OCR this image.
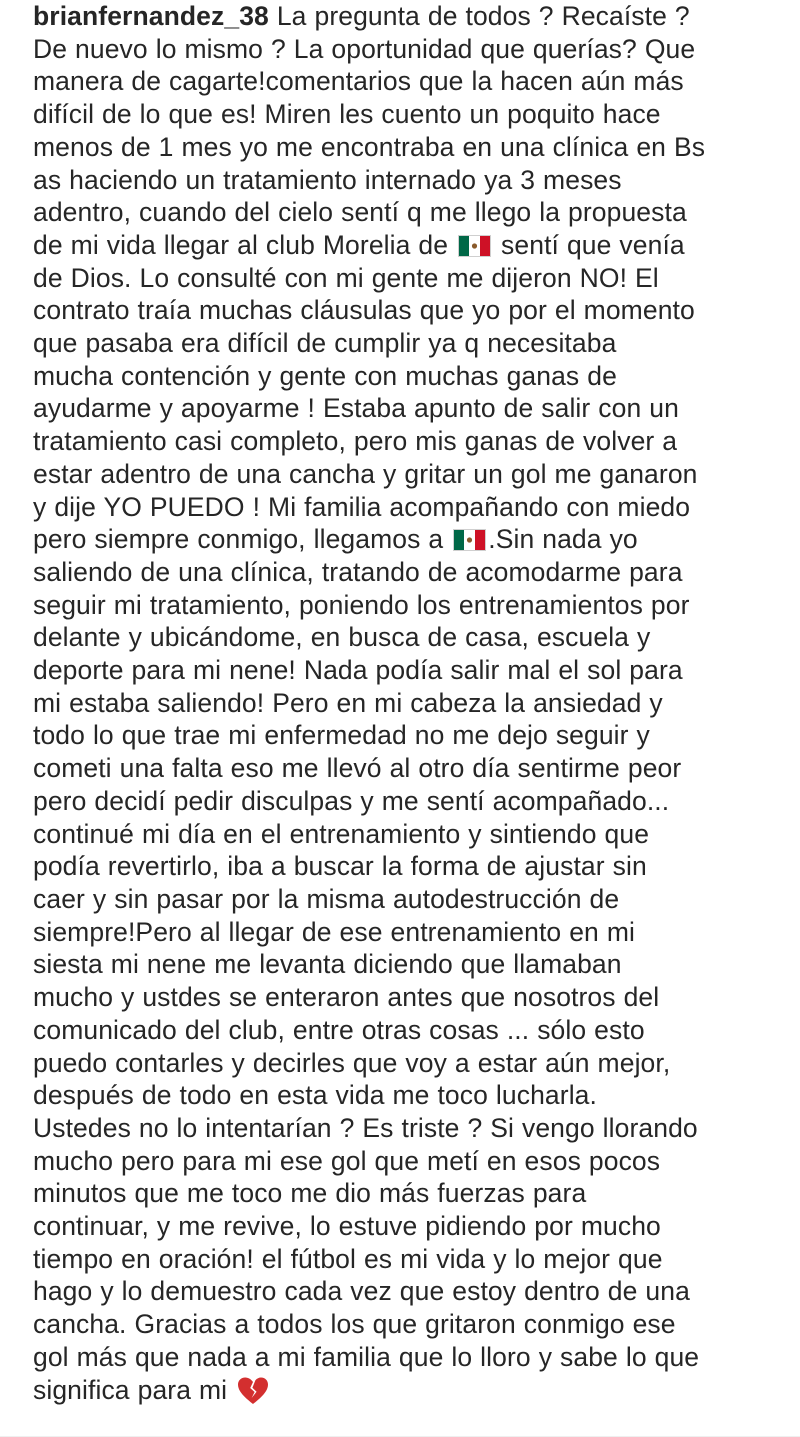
brianfernandez_38 La pregunta de todos ? Recaíste ?
De nuevo lo mismo ? La oportunidad que querías? Que
manera de cagarte!comentarios que la hacen aún más
difícil de lo que es! Miren les cuento un poquito hace
menos de 1 mes yo me encontraba en una clínica en Bs
as haciendo un tratamiento internado ya 3 meses
adentro, cuando del cielo sentí q me llego la propuesta
de mi vida llegar al club Morelia de  sentí que venía
de Dios. Lo consulté con mi gente me dijeron NO! El
contrato traía muchas cláusulas que yo por el momento
que pasaba era difícil de cumplir ya q necesitaba
mucha contención y gente con muchas ganas de
ayudarme y apoyarme ! Estaba apunto de salir con un
tratamiento casi completo, pero mis ganas de volver a
estar adentro de una cancha y gritar un gol me ganaron
y dije YO PUEDO ! Mi familia acompañando con miedo
pero siempre conmigo, llegamos a .Sin nada yo
saliendo de una clínica, tratando de acomodarme para
seguir mi tratamiento, poniendo los entrenamientos por
delante y ubicándome, en busca de casa, escuela y
deporte para mi nene! Nada podía salir mal el sol para
mi estaba saliendo! Pero en mi cabeza la ansiedad y
todo lo que trae mi enfermedad no me dejo seguir y
cometi una falta eso me llevó al otro día sentirme peor
pero decidí pedir disculpas y me sentí acompañado...
continué mi día en el entrenamiento y sintiendo que
podía revertirlo, iba a buscar la forma de ajustar sin
caer y sin pasar por la misma autodestrucción de
siempre!Pero al llegar de ese entrenamiento en mi
siesta mi nene me levanta diciendo que llamaban
mucho y ustdes se enteraron antes que nosotros del
comunicado del club, entre otras cosas ... sólo esto
puedo contarles y decirles que voy a estar aún mejor,
después de todo en esta vida me toco lucharla.
Ustedes no lo intentarían ? Es triste ? Si vengo llorando
mucho pero para mi ese gol que metí en esos pocos
minutos que me toco me dio más fuerzas para
continuar, y me revive, lo estuve pidiendo por mucho
tiempo en oración! el fútbol es mi vida y lo mejor que
hago y lo demuestro cada vez que estoy dentro de una
cancha. Gracias a todos los que gritaron conmigo ese
gol más que nada a mi familia que lo lloro y sabe lo que
significa para mi
